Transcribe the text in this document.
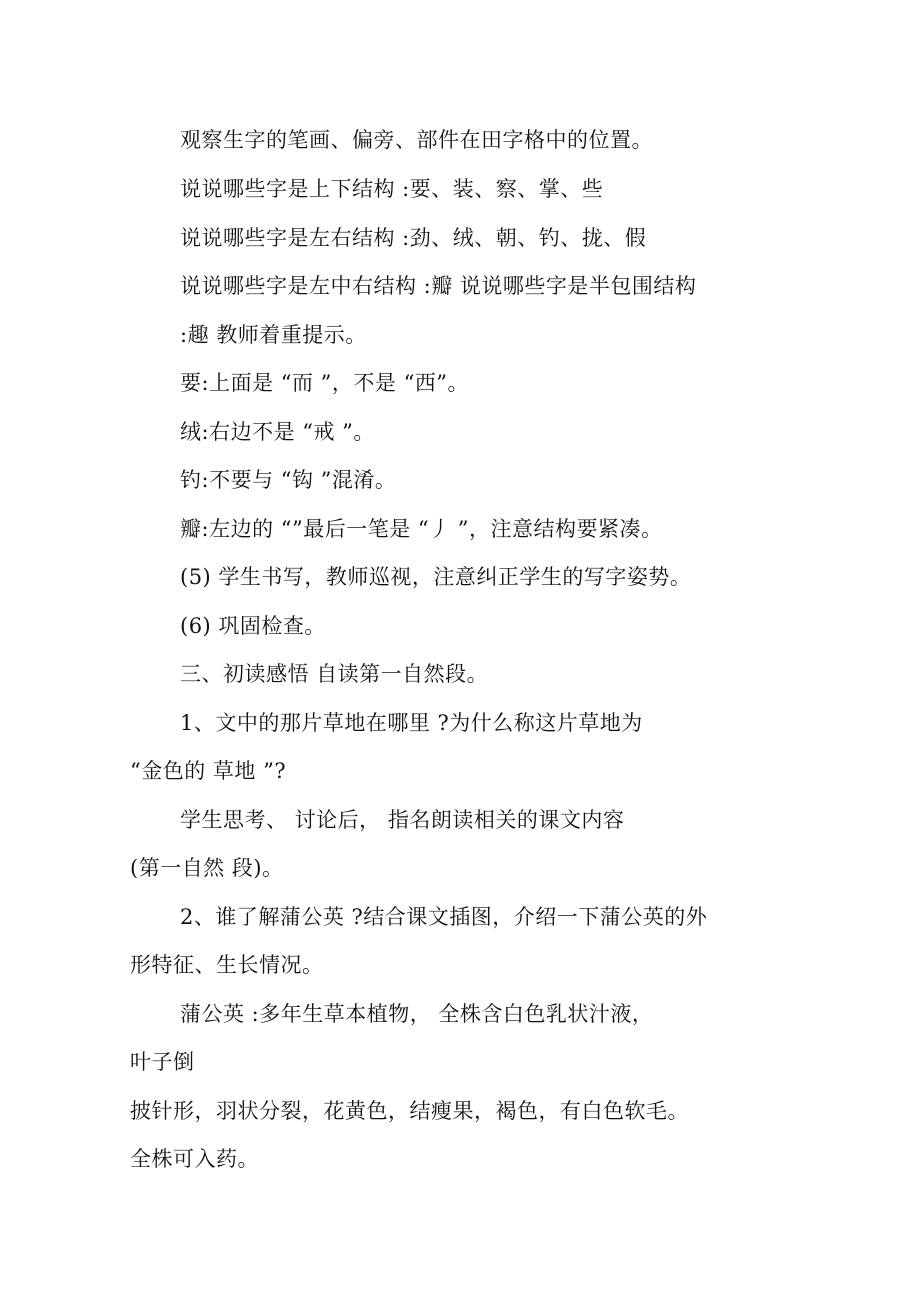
观察生字的笔画、偏旁、部件在田字格中的位置。
说说哪些字是上下结构 :要、装、察、掌、些
说说哪些字是左右结构 :劲、绒、朝、钓、拢、假
说说哪些字是左中右结构 :瓣 说说哪些字是半包围结构
:趣 教师着重提示。
要:上面是 “而 ”，不是 “西”。
绒:右边不是 “戒 ”。
钓:不要与 “钩 ”混淆。
瓣:左边的 “”最后一笔是 “丿 ”，注意结构要紧凑。
(5) 学生书写，教师巡视，注意纠正学生的写字姿势。
(6) 巩固检查。
三、初读感悟 自读第一自然段。
1、文中的那片草地在哪里 ?为什么称这片草地为
“金色的 草地 ”?
学生思考、 讨论后， 指名朗读相关的课文内容
(第一自然 段)。
2、谁了解蒲公英 ?结合课文插图，介绍一下蒲公英的外
形特征、生长情况。
蒲公英 :多年生草本植物， 全株含白色乳状汁液，
叶子倒
披针形，羽状分裂，花黄色，结瘦果，褐色，有白色软毛。
全株可入药。
